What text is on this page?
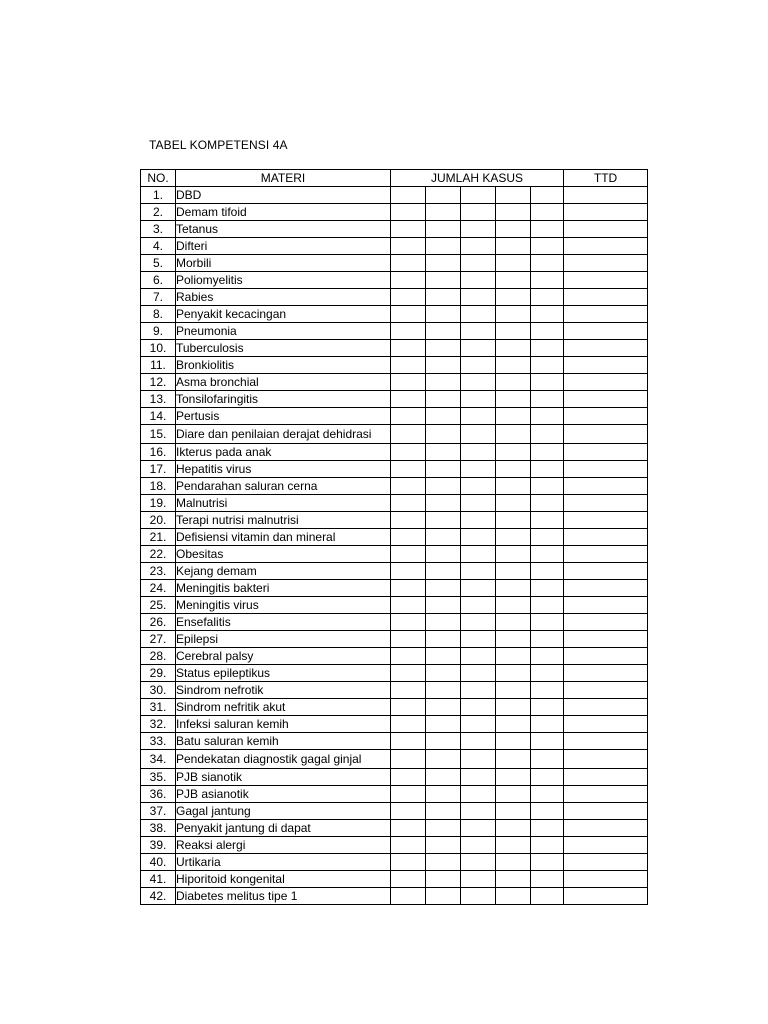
TABEL KOMPETENSI 4A
NO.	MATERI	JUMLAH KASUS					TTD
1.	DBD						
2.	Demam tifoid						
3.	Tetanus						
4.	Difteri						
5.	Morbili						
6.	Poliomyelitis						
7.	Rabies						
8.	Penyakit kecacingan						
9.	Pneumonia						
10.	Tuberculosis						
11.	Bronkiolitis						
12.	Asma bronchial						
13.	Tonsilofaringitis						
14.	Pertusis						
15.	Diare dan penilaian derajat dehidrasi						
16.	Ikterus pada anak						
17.	Hepatitis virus						
18.	Pendarahan saluran cerna						
19.	Malnutrisi						
20.	Terapi nutrisi malnutrisi						
21.	Defisiensi vitamin dan mineral						
22.	Obesitas						
23.	Kejang demam						
24.	Meningitis bakteri						
25.	Meningitis virus						
26.	Ensefalitis						
27.	Epilepsi						
28.	Cerebral palsy						
29.	Status epileptikus						
30.	Sindrom nefrotik						
31.	Sindrom nefritik akut						
32.	Infeksi saluran kemih						
33.	Batu saluran kemih						
34.	Pendekatan diagnostik gagal ginjal						
35.	PJB sianotik						
36.	PJB asianotik						
37.	Gagal jantung						
38.	Penyakit jantung di dapat						
39.	Reaksi alergi						
40.	Urtikaria						
41.	Hiporitoid kongenital						
42.	Diabetes melitus tipe 1						
